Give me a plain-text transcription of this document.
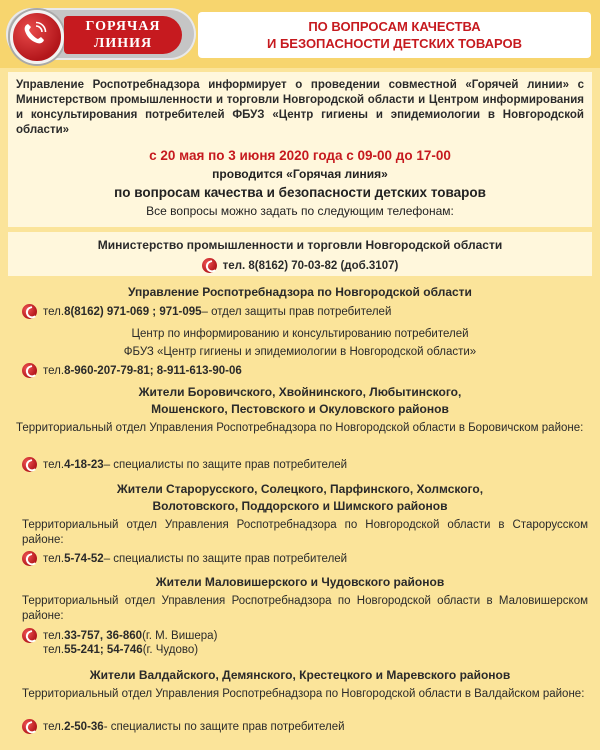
ГОРЯЧАЯ
ЛИНИЯ
ПО ВОПРОСАМ КАЧЕСТВА
И БЕЗОПАСНОСТИ ДЕТСКИХ ТОВАРОВ
Управление Роспотребнадзора информирует о проведении совместной «Горячей линии» с Министерством промышленности и торговли Новгородской области и Центром информирования и консультирования потребителей ФБУЗ «Центр гигиены и эпидемиологии в Новгородской области»
с 20 мая по 3 июня 2020 года с 09-00 до 17-00
проводится «Горячая линия»
по вопросам качества и безопасности детских товаров
Все вопросы можно задать по следующим телефонам:
Министерство промышленности и торговли Новгородской области
тел. 8(8162) 70-03-82 (доб.3107)
Управление Роспотребнадзора по Новгородской области
тел. 8(8162) 971-069 ; 971-095 – отдел защиты прав потребителей
Центр по информированию и консультированию потребителей
ФБУЗ «Центр гигиены и эпидемиологии в Новгородской области»
тел. 8-960-207-79-81; 8-911-613-90-06
Жители Боровичского, Хвойнинского, Любытинского,
Мошенского, Пестовского и Окуловского районов
Территориальный отдел Управления Роспотребнадзора по Новгородской области в Боровичском районе:
тел. 4-18-23 – специалисты по защите прав потребителей
Жители Старорусского, Солецкого, Парфинского, Холмского,
Волотовского, Поддорского и Шимского районов
Территориальный отдел Управления Роспотребнадзора по Новгородской области в Старорусском районе:
тел. 5-74-52 – специалисты по защите прав потребителей
Жители Маловишерского и Чудовского районов
Территориальный отдел Управления Роспотребнадзора по Новгородской области в Маловишерском районе:
тел. 33-757, 36-860 (г. М. Вишера)
тел. 55-241; 54-746 (г. Чудово)
Жители Валдайского, Демянского, Крестецкого и Маревского районов
Территориальный отдел Управления Роспотребнадзора по Новгородской области в Валдайском районе:
тел. 2-50-36 - специалисты по защите прав потребителей
